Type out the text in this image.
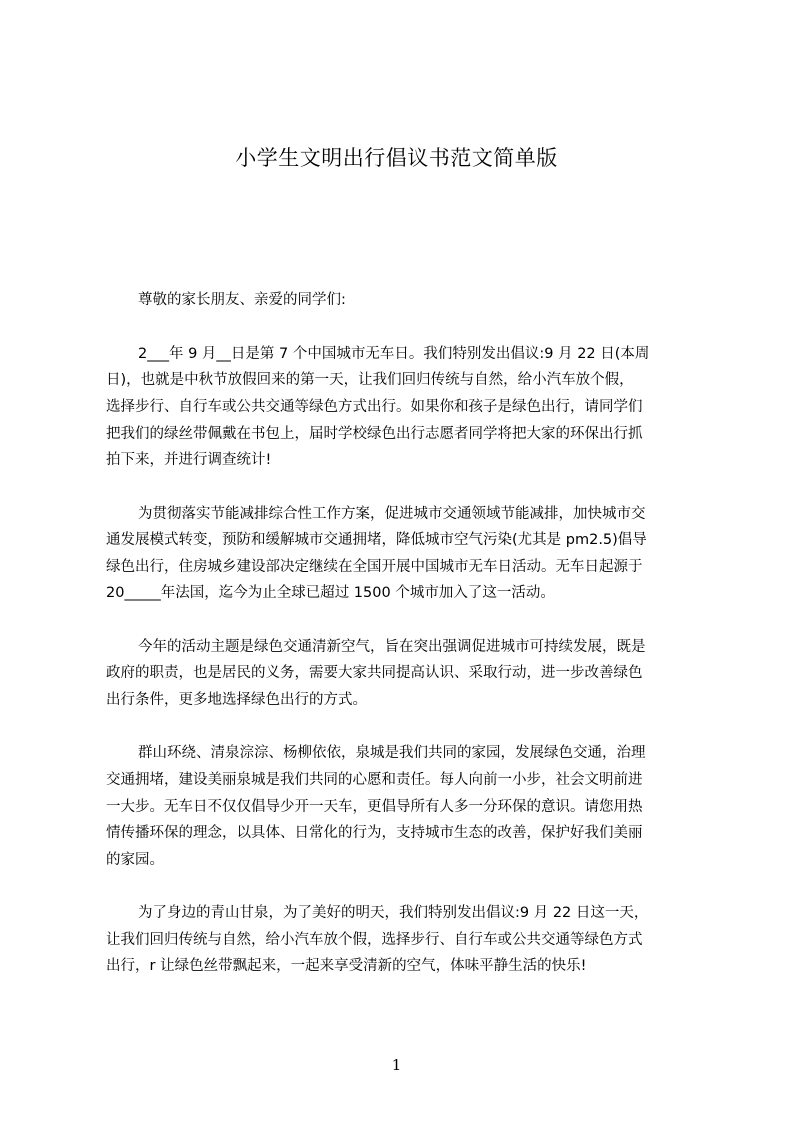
小学生文明出行倡议书范文简单版
尊敬的家长朋友、亲爱的同学们:
2___年 9 月__日是第 7 个中国城市无车日。我们特别发出倡议:9 月 22 日(本周
日)，也就是中秋节放假回来的第一天，让我们回归传统与自然，给小汽车放个假，
选择步行、自行车或公共交通等绿色方式出行。如果你和孩子是绿色出行，请同学们
把我们的绿丝带佩戴在书包上，届时学校绿色出行志愿者同学将把大家的环保出行抓
拍下来，并进行调查统计!
为贯彻落实节能减排综合性工作方案，促进城市交通领域节能减排，加快城市交
通发展模式转变，预防和缓解城市交通拥堵，降低城市空气污染(尤其是 pm2.5)倡导
绿色出行，住房城乡建设部决定继续在全国开展中国城市无车日活动。无车日起源于
20_____年法国，迄今为止全球已超过 1500 个城市加入了这一活动。
今年的活动主题是绿色交通清新空气，旨在突出强调促进城市可持续发展，既是
政府的职责，也是居民的义务，需要大家共同提高认识、采取行动，进一步改善绿色
出行条件，更多地选择绿色出行的方式。
群山环绕、清泉淙淙、杨柳依依，泉城是我们共同的家园，发展绿色交通，治理
交通拥堵，建设美丽泉城是我们共同的心愿和责任。每人向前一小步，社会文明前进
一大步。无车日不仅仅倡导少开一天车，更倡导所有人多一分环保的意识。请您用热
情传播环保的理念，以具体、日常化的行为，支持城市生态的改善，保护好我们美丽
的家园。
为了身边的青山甘泉，为了美好的明天，我们特别发出倡议:9 月 22 日这一天，
让我们回归传统与自然，给小汽车放个假，选择步行、自行车或公共交通等绿色方式
出行，r 让绿色丝带飘起来，一起来享受清新的空气，体味平静生活的快乐!
1
